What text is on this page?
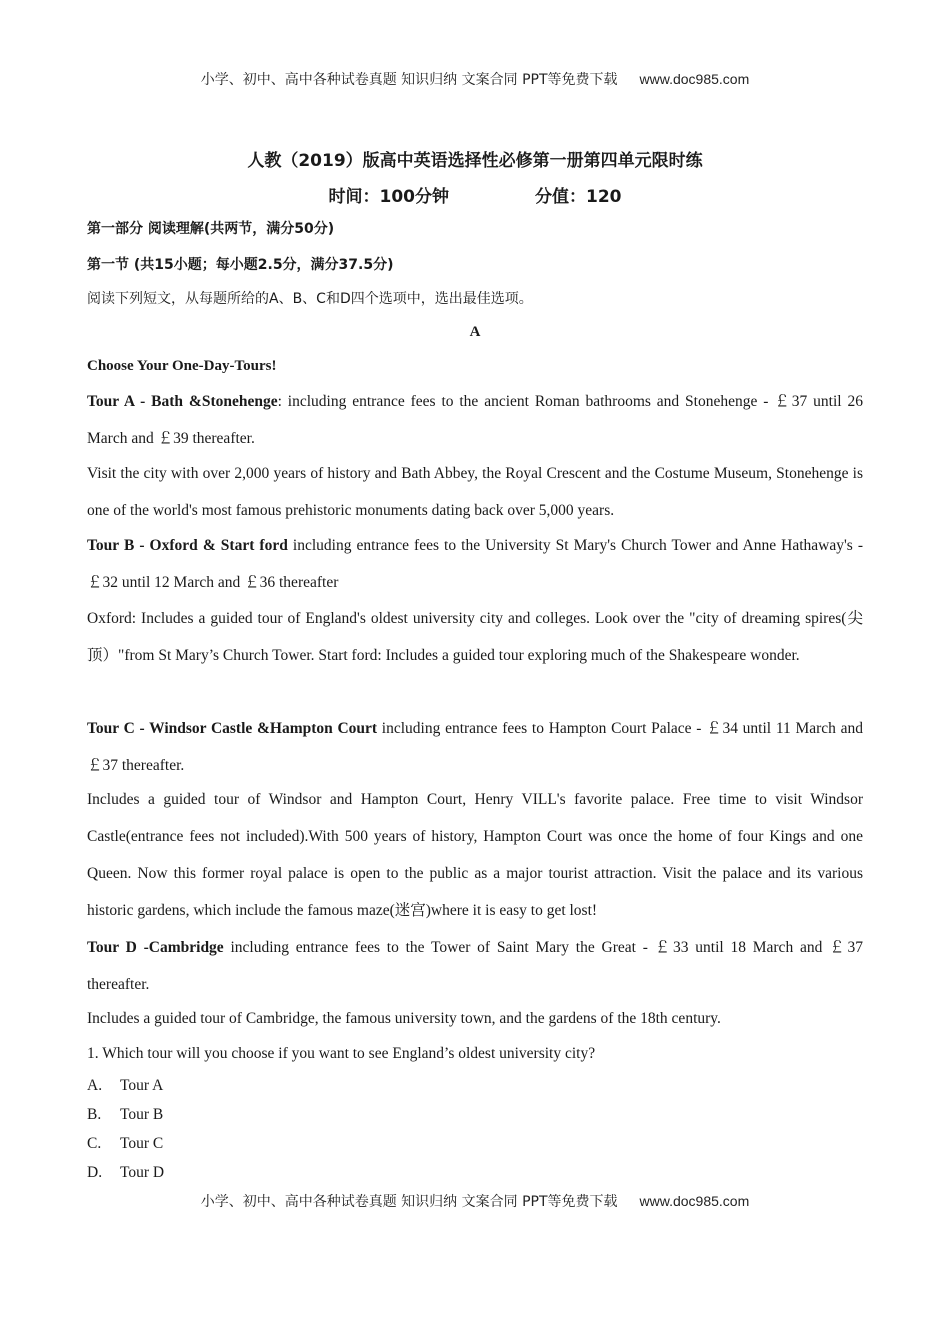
小学、初中、高中各种试卷真题 知识归纳 文案合同 PPT等免费下载 www.doc985.com
人教（2019）版高中英语选择性必修第一册第四单元限时练
时间：100分钟	分值：120
第一部分 阅读理解(共两节，满分50分)
第一节 (共15小题；每小题2.5分，满分37.5分)
阅读下列短文，从每题所给的A、B、C和D四个选项中，选出最佳选项。
A
Choose Your One-Day-Tours!

Tour A - Bath &Stonehenge: including entrance fees to the ancient Roman bathrooms and Stonehenge - ￡37 until 26 March and ￡39 thereafter.

Visit the city with over 2,000 years of history and Bath Abbey, the Royal Crescent and the Costume Museum, Stonehenge is one of the world's most famous prehistoric monuments dating back over 5,000 years.

Tour B - Oxford & Start ford including entrance fees to the University St Mary's Church Tower and Anne Hathaway's - ￡32 until 12 March and ￡36 thereafter

Oxford: Includes a guided tour of England's oldest university city and colleges. Look over the "city of dreaming spires(尖顶）"from St Mary’s Church Tower. Start ford: Includes a guided tour exploring much of the Shakespeare wonder.

Tour C - Windsor Castle &Hampton Court including entrance fees to Hampton Court Palace - ￡34 until 11 March and ￡37 thereafter.

Includes a guided tour of Windsor and Hampton Court, Henry VILL's favorite palace. Free time to visit Windsor Castle(entrance fees not included).With 500 years of history, Hampton Court was once the home of four Kings and one Queen. Now this former royal palace is open to the public as a major tourist attraction. Visit the palace and its various historic gardens, which include the famous maze(迷宫)where it is easy to get lost!

Tour D -Cambridge including entrance fees to the Tower of Saint Mary the Great - ￡33 until 18 March and ￡37 thereafter.

Includes a guided tour of Cambridge, the famous university town, and the gardens of the 18th century.

1. Which tour will you choose if you want to see England’s oldest university city?
A. Tour A
B. Tour B
C. Tour C
D. Tour D
小学、初中、高中各种试卷真题 知识归纳 文案合同 PPT等免费下载 www.doc985.com
